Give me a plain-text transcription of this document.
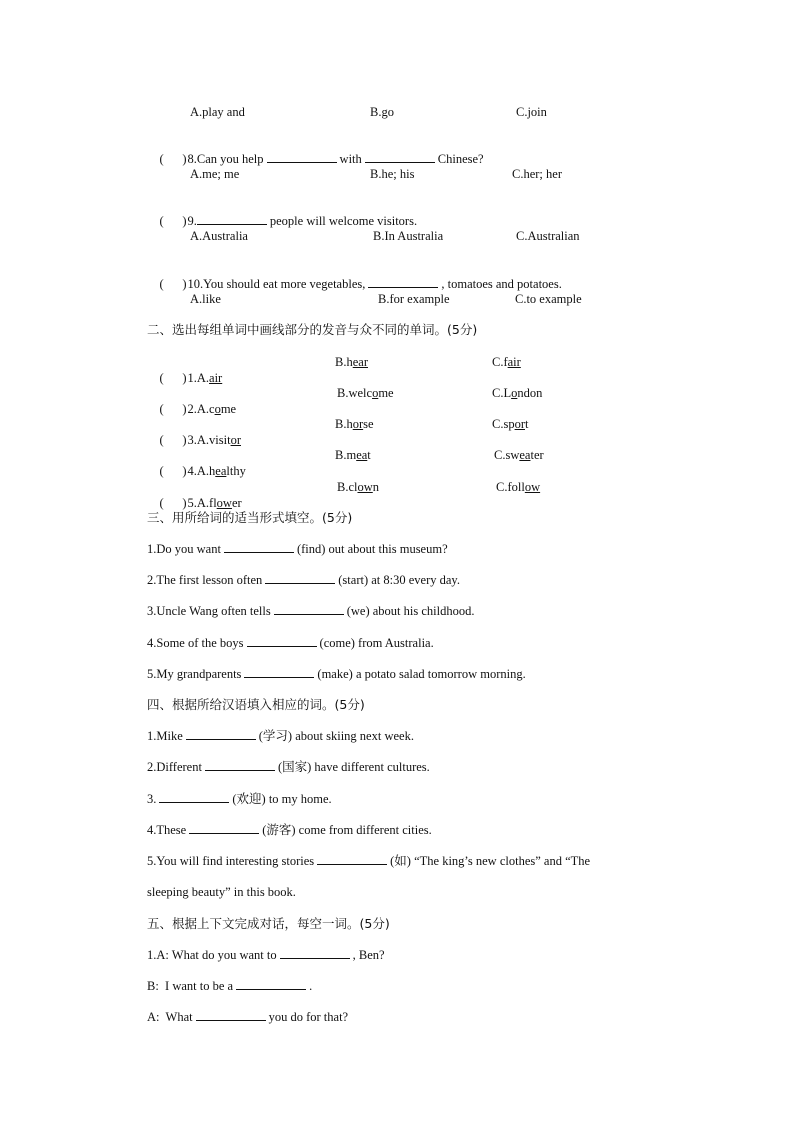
A.play and	B.go	C.join

(      )8.Can you help	with	Chinese?

A.me; me	B.he; his	C.her; her

(      )9.	people will welcome visitors.

A.Australia	B.In Australia	C.Australian

(      )10.You should eat more vegetables,	, tomatoes and potatoes.

A.like	B.for example	C.to example
二、选出每组单词中画线部分的发音与众不同的单词。(5分)

(      )1.A.air

B.hear	C.fair

(      )2.A.come

B.welcome	C.London

(      )3.A.visitor

B.horse	C.sport

(      )4.A.healthy

B.meat	C.sweater

(      )5.A.flower

B.clown	C.follow
三、用所给词的适当形式填空。(5分)
1.Do you want	(find) out about this museum?
2.The first lesson often	(start) at 8:30 every day.
3.Uncle Wang often tells	(we) about his childhood.
4.Some of the boys	(come) from Australia.
5.My grandparents	(make) a potato salad tomorrow morning.
四、根据所给汉语填入相应的词。(5分)
1.Mike	(学习) about skiing next week.
2.Different	(国家) have different cultures.
3.	(欢迎) to my home.
4.These	(游客) come from different cities.
5.You will find interesting stories	(如) “The king’s new clothes” and “The
sleeping beauty” in this book.
五、根据上下文完成对话，每空一词。(5分)
1.A: What do you want to	, Ben?
B:  I want to be a	.
A:  What	you do for that?
